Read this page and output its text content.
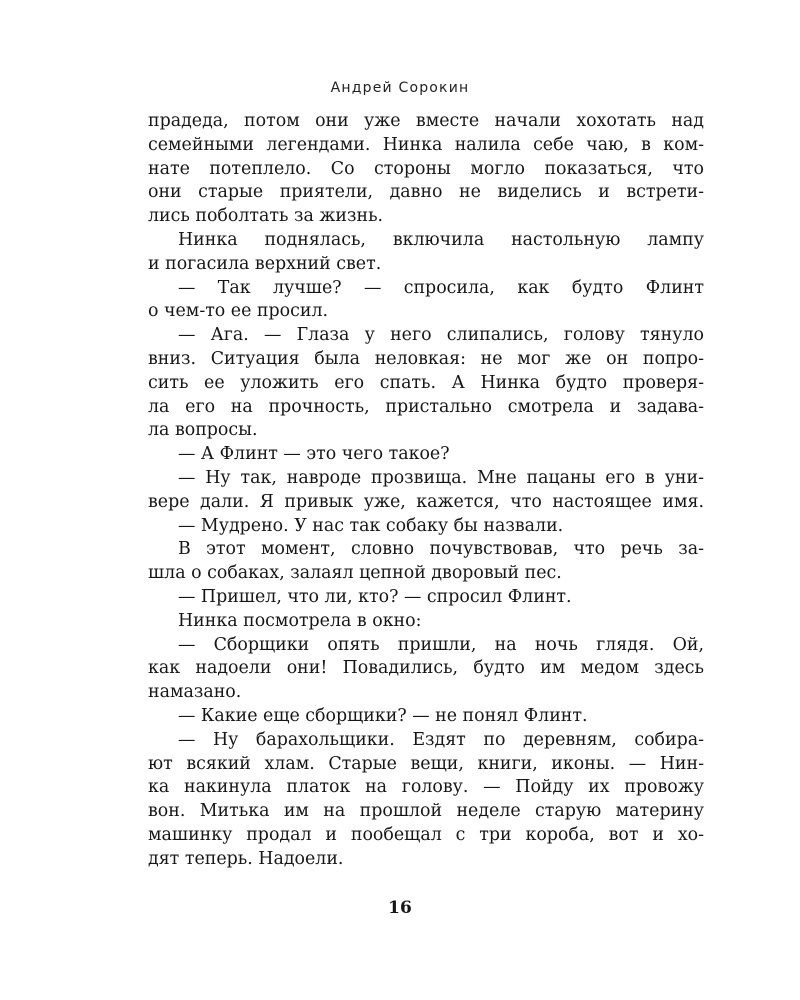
Андрей Сорокин
прадеда, потом они уже вместе начали хохотать над
семейными легендами. Нинка налила себе чаю, в ком-
нате потеплело. Со стороны могло показаться, что
они старые приятели, давно не виделись и встрети-
лись поболтать за жизнь.
Нинка поднялась, включила настольную лампу
и погасила верхний свет.
— Так лучше? — спросила, как будто Флинт
о чем-то ее просил.
— Ага. — Глаза у него слипались, голову тянуло
вниз. Ситуация была неловкая: не мог же он попро-
сить ее уложить его спать. А Нинка будто проверя-
ла его на прочность, пристально смотрела и задава-
ла вопросы.
— А Флинт — это чего такое?
— Ну так, навроде прозвища. Мне пацаны его в уни-
вере дали. Я привык уже, кажется, что настоящее имя.
— Мудрено. У нас так собаку бы назвали.
В этот момент, словно почувствовав, что речь за-
шла о собаках, залаял цепной дворовый пес.
— Пришел, что ли, кто? — спросил Флинт.
Нинка посмотрела в окно:
— Сборщики опять пришли, на ночь глядя. Ой,
как надоели они! Повадились, будто им медом здесь
намазано.
— Какие еще сборщики? — не понял Флинт.
— Ну барахольщики. Ездят по деревням, собира-
ют всякий хлам. Старые вещи, книги, иконы. — Нин-
ка накинула платок на голову. — Пойду их провожу
вон. Митька им на прошлой неделе старую материну
машинку продал и пообещал с три короба, вот и хо-
дят теперь. Надоели.
16
